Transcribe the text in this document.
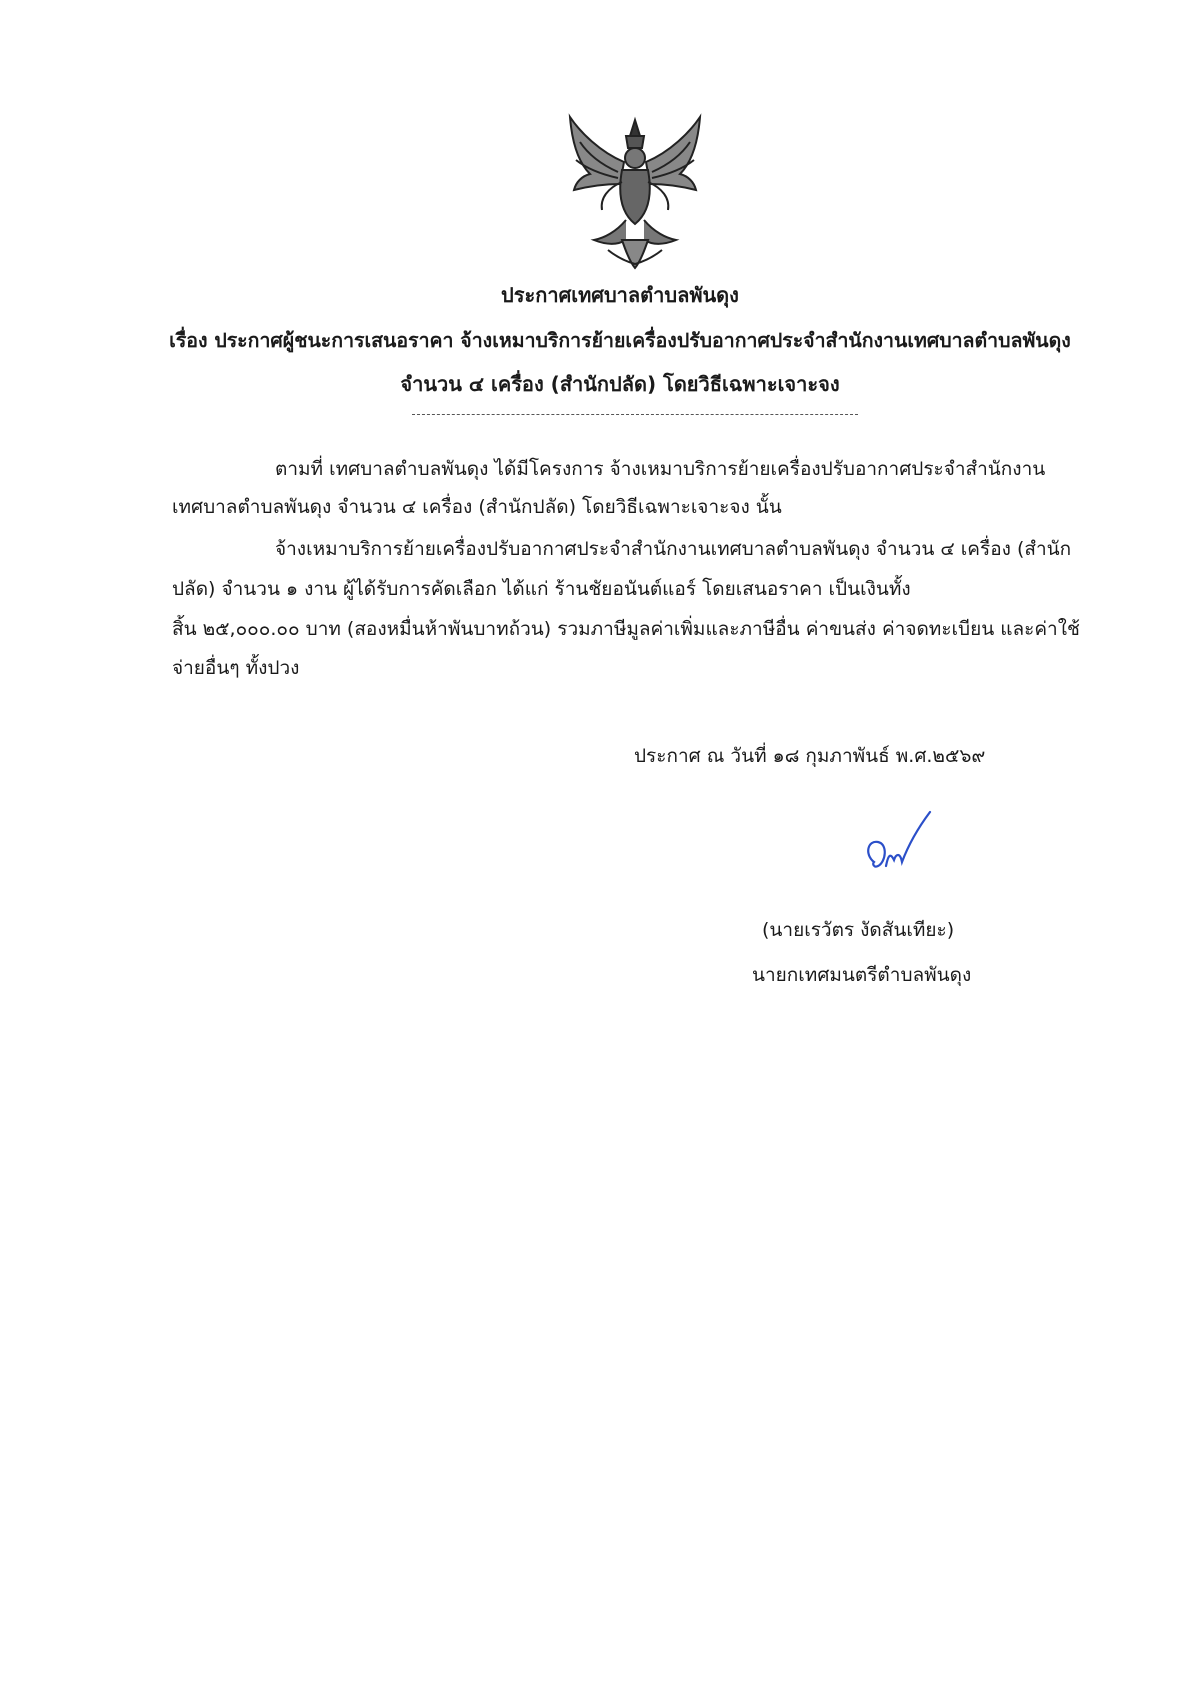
ประกาศเทศบาลตำบลพันดุง
เรื่อง ประกาศผู้ชนะการเสนอราคา จ้างเหมาบริการย้ายเครื่องปรับอากาศประจำสำนักงานเทศบาลตำบลพันดุง
จำนวน ๔ เครื่อง (สำนักปลัด) โดยวิธีเฉพาะเจาะจง
ตามที่ เทศบาลตำบลพันดุง ได้มีโครงการ จ้างเหมาบริการย้ายเครื่องปรับอากาศประจำสำนักงาน
เทศบาลตำบลพันดุง จำนวน ๔ เครื่อง (สำนักปลัด) โดยวิธีเฉพาะเจาะจง นั้น
จ้างเหมาบริการย้ายเครื่องปรับอากาศประจำสำนักงานเทศบาลตำบลพันดุง จำนวน ๔ เครื่อง (สำนัก
ปลัด) จำนวน ๑ งาน ผู้ได้รับการคัดเลือก ได้แก่ ร้านชัยอนันต์แอร์ โดยเสนอราคา เป็นเงินทั้ง
สิ้น ๒๕,๐๐๐.๐๐ บาท (สองหมื่นห้าพันบาทถ้วน) รวมภาษีมูลค่าเพิ่มและภาษีอื่น ค่าขนส่ง ค่าจดทะเบียน และค่าใช้
จ่ายอื่นๆ ทั้งปวง
ประกาศ ณ วันที่ ๑๘ กุมภาพันธ์ พ.ศ.๒๕๖๙
(นายเรวัตร งัดสันเทียะ)
นายกเทศมนตรีตำบลพันดุง
